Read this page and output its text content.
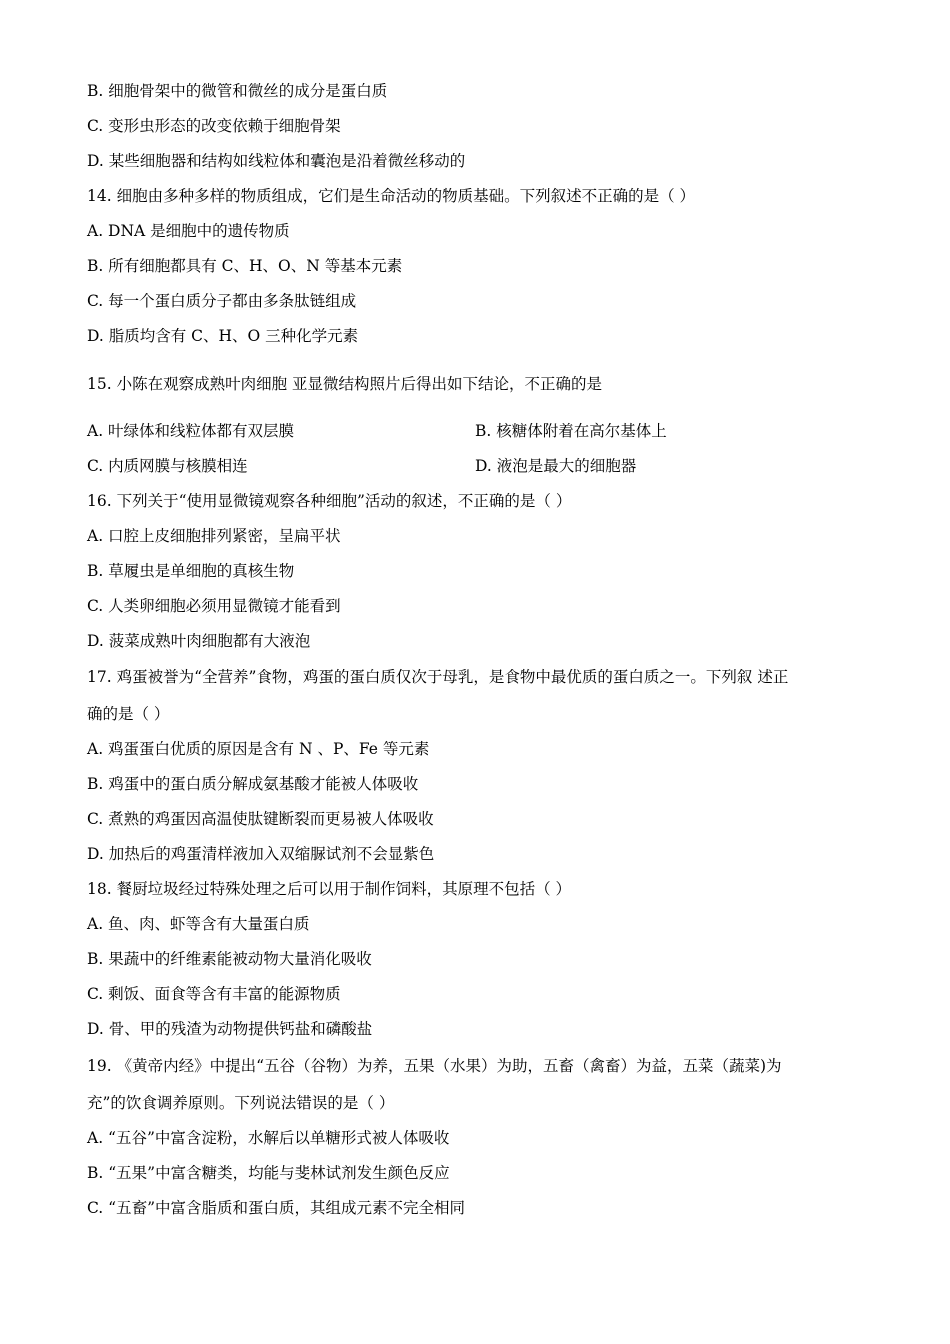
B. 细胞骨架中的微管和微丝的成分是蛋白质
C. 变形虫形态的改变依赖于细胞骨架
D. 某些细胞器和结构如线粒体和囊泡是沿着微丝移动的
14. 细胞由多种多样的物质组成，它们是生命活动的物质基础。下列叙述不正确的是（ ）
A. DNA 是细胞中的遗传物质
B. 所有细胞都具有 C、H、O、N 等基本元素
C. 每一个蛋白质分子都由多条肽链组成
D. 脂质均含有 C、H、O 三种化学元素
15. 小陈在观察成熟叶肉细胞 亚显微结构照片后得出如下结论，不正确的是
A. 叶绿体和线粒体都有双层膜	B. 核糖体附着在高尔基体上
C. 内质网膜与核膜相连	D. 液泡是最大的细胞器
16. 下列关于“使用显微镜观察各种细胞”活动的叙述，不正确的是（ ）
A. 口腔上皮细胞排列紧密，呈扁平状
B. 草履虫是单细胞的真核生物
C. 人类卵细胞必须用显微镜才能看到
D. 菠菜成熟叶肉细胞都有大液泡
17. 鸡蛋被誉为“全营养”食物，鸡蛋的蛋白质仅次于母乳，是食物中最优质的蛋白质之一。下列叙 述正
确的是（ ）
A. 鸡蛋蛋白优质的原因是含有 N 、P、Fe 等元素
B. 鸡蛋中的蛋白质分解成氨基酸才能被人体吸收
C. 煮熟的鸡蛋因高温使肽键断裂而更易被人体吸收
D. 加热后的鸡蛋清样液加入双缩脲试剂不会显紫色
18. 餐厨垃圾经过特殊处理之后可以用于制作饲料，其原理不包括（ ）
A. 鱼、肉、虾等含有大量蛋白质
B. 果蔬中的纤维素能被动物大量消化吸收
C. 剩饭、面食等含有丰富的能源物质
D. 骨、甲的残渣为动物提供钙盐和磷酸盐
19. 《黄帝内经》中提出“五谷（谷物）为养，五果（水果）为助，五畜（禽畜）为益，五菜（蔬菜)为
充”的饮食调养原则。下列说法错误的是（ ）
A. “五谷”中富含淀粉，水解后以单糖形式被人体吸收
B. “五果”中富含糖类，均能与斐林试剂发生颜色反应
C. “五畜”中富含脂质和蛋白质，其组成元素不完全相同
